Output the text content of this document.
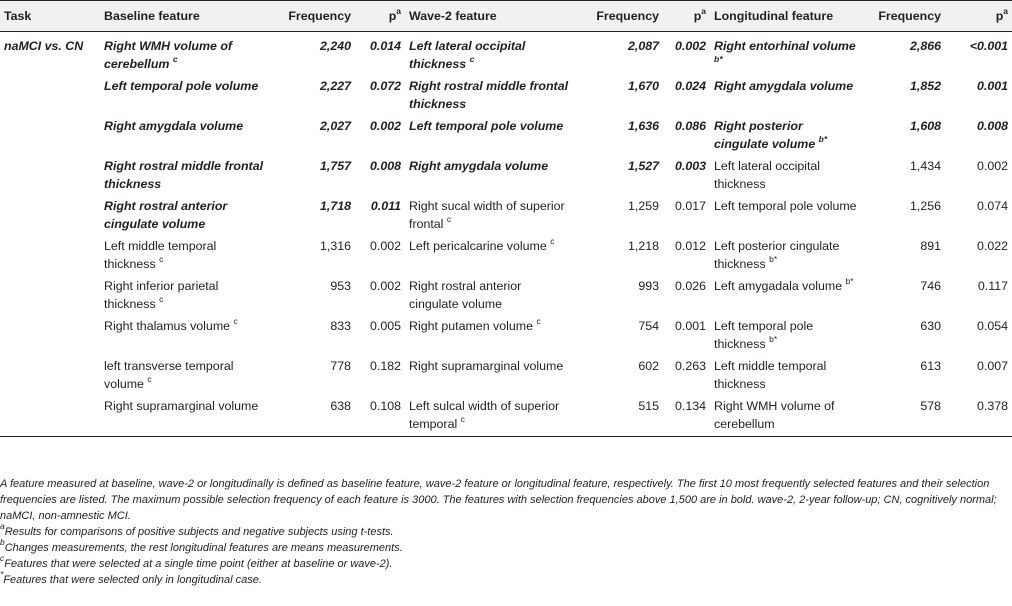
Task	Baseline feature	Frequency	$p^a$	Wave-2 feature	Frequency	$p^a$	Longitudinal feature	Frequency	$p^a$
naMCI vs. CN	Right WMH volume of cerebellum $^c$	2,240	0.014	Left lateral occipital thickness $^c$	2,087	0.002	Right entorhinal volume $^{b*}$	2,866	<0.001
	Left temporal pole volume	2,227	0.072	Right rostral middle frontal thickness	1,670	0.024	Right amygdala volume	1,852	0.001
	Right amygdala volume	2,027	0.002	Left temporal pole volume	1,636	0.086	Right posterior cingulate volume $^{b*}$	1,608	0.008
	Right rostral middle frontal thickness	1,757	0.008	Right amygdala volume	1,527	0.003	Left lateral occipital thickness	1,434	0.002
	Right rostral anterior cingulate volume	1,718	0.011	Right sucal width of superior frontal $^c$	1,259	0.017	Left temporal pole volume	1,256	0.074
	Left middle temporal thickness $^c$	1,316	0.002	Left pericalcarine volume $^c$	1,218	0.012	Left posterior cingulate thickness $^{b*}$	891	0.022
	Right inferior parietal thickness $^c$	953	0.002	Right rostral anterior cingulate volume	993	0.026	Left amygadala volume $^{b*}$	746	0.117
	Right thalamus volume $^c$	833	0.005	Right putamen volume $^c$	754	0.001	Left temporal pole thickness $^{b*}$	630	0.054
	left transverse temporal volume $^c$	778	0.182	Right supramarginal volume	602	0.263	Left middle temporal thickness	613	0.007
	Right supramarginal volume	638	0.108	Left sulcal width of superior temporal $^c$	515	0.134	Right WMH volume of cerebellum	578	0.378

A feature measured at baseline, wave-2 or longitudinally is defined as baseline feature, wave-2 feature or longitudinal feature, respectively. The first 10 most frequently selected features and their selection frequencies are listed. The maximum possible selection frequency of each feature is 3000. The features with selection frequencies above 1,500 are in bold. wave-2, 2-year follow-up; CN, cognitively normal; naMCI, non-amnestic MCI.

$^a$Results for comparisons of positive subjects and negative subjects using t-tests.

$^b$Changes measurements, the rest longitudinal features are means measurements.

$^c$Features that were selected at a single time point (either at baseline or wave-2).

*Features that were selected only in longitudinal case.
